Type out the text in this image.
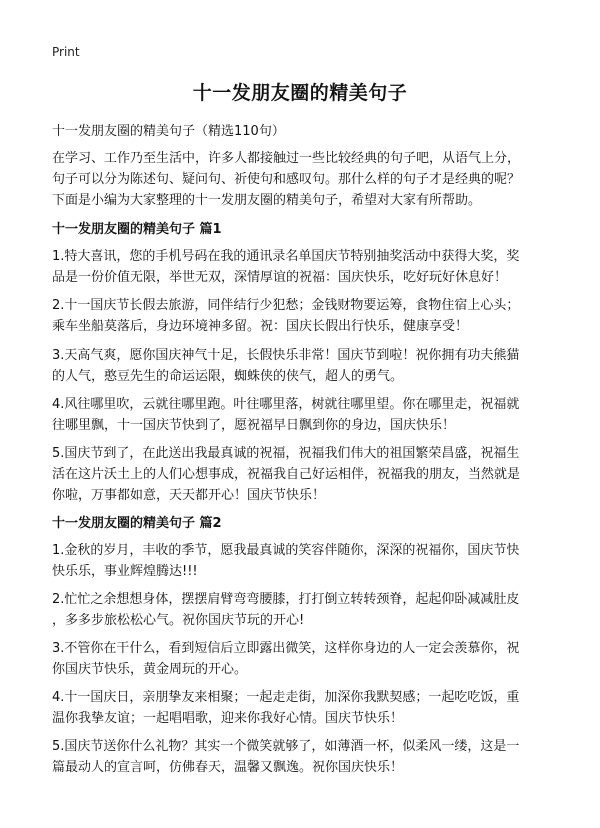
Print
十一发朋友圈的精美句子
十一发朋友圈的精美句子（精选110句）

在学习、工作乃至生活中，许多人都接触过一些比较经典的句子吧，从语气上分，

句子可以分为陈述句、疑问句、祈使句和感叹句。那什么样的句子才是经典的呢？

下面是小编为大家整理的十一发朋友圈的精美句子，希望对大家有所帮助。

十一发朋友圈的精美句子 篇1

1.特大喜讯，您的手机号码在我的通讯录名单国庆节特别抽奖活动中获得大奖，奖

品是一份价值无限，举世无双，深情厚谊的祝福：国庆快乐，吃好玩好休息好！

2.十一国庆节长假去旅游，同伴结行少犯愁；金钱财物要运筹，食物住宿上心头；

乘车坐船莫落后，身边环境神多留。祝：国庆长假出行快乐，健康享受！

3.天高气爽，愿你国庆神气十足，长假快乐非常！国庆节到啦！祝你拥有功夫熊猫

的人气，憨豆先生的命运运限，蜘蛛侠的侠气，超人的勇气。

4.风往哪里吹，云就往哪里跑。叶往哪里落，树就往哪里望。你在哪里走，祝福就

往哪里飘，十一国庆节快到了，愿祝福早日飘到你的身边，国庆快乐！

5.国庆节到了，在此送出我最真诚的祝福，祝福我们伟大的祖国繁荣昌盛，祝福生

活在这片沃土上的人们心想事成，祝福我自己好运相伴，祝福我的朋友，当然就是

你啦，万事都如意，天天都开心！国庆节快乐！

十一发朋友圈的精美句子 篇2

1.金秋的岁月，丰收的季节，愿我最真诚的笑容伴随你，深深的祝福你，国庆节快

快乐乐，事业辉煌腾达!!!

2.忙忙之余想想身体，摆摆肩臂弯弯腰膝，打打倒立转转颈脊，起起仰卧减减肚皮

，多多步旅松松心气。祝你国庆节玩的开心!

3.不管你在干什么，看到短信后立即露出微笑，这样你身边的人一定会羡慕你，祝

你国庆节快乐，黄金周玩的开心。

4.十一国庆日，亲朋挚友来相聚；一起走走街，加深你我默契感；一起吃吃饭，重

温你我挚友谊；一起唱唱歌，迎来你我好心情。国庆节快乐！

5.国庆节送你什么礼物？其实一个微笑就够了，如薄酒一杯，似柔风一缕，这是一

篇最动人的宣言呵，仿佛春天，温馨又飘逸。祝你国庆快乐！
